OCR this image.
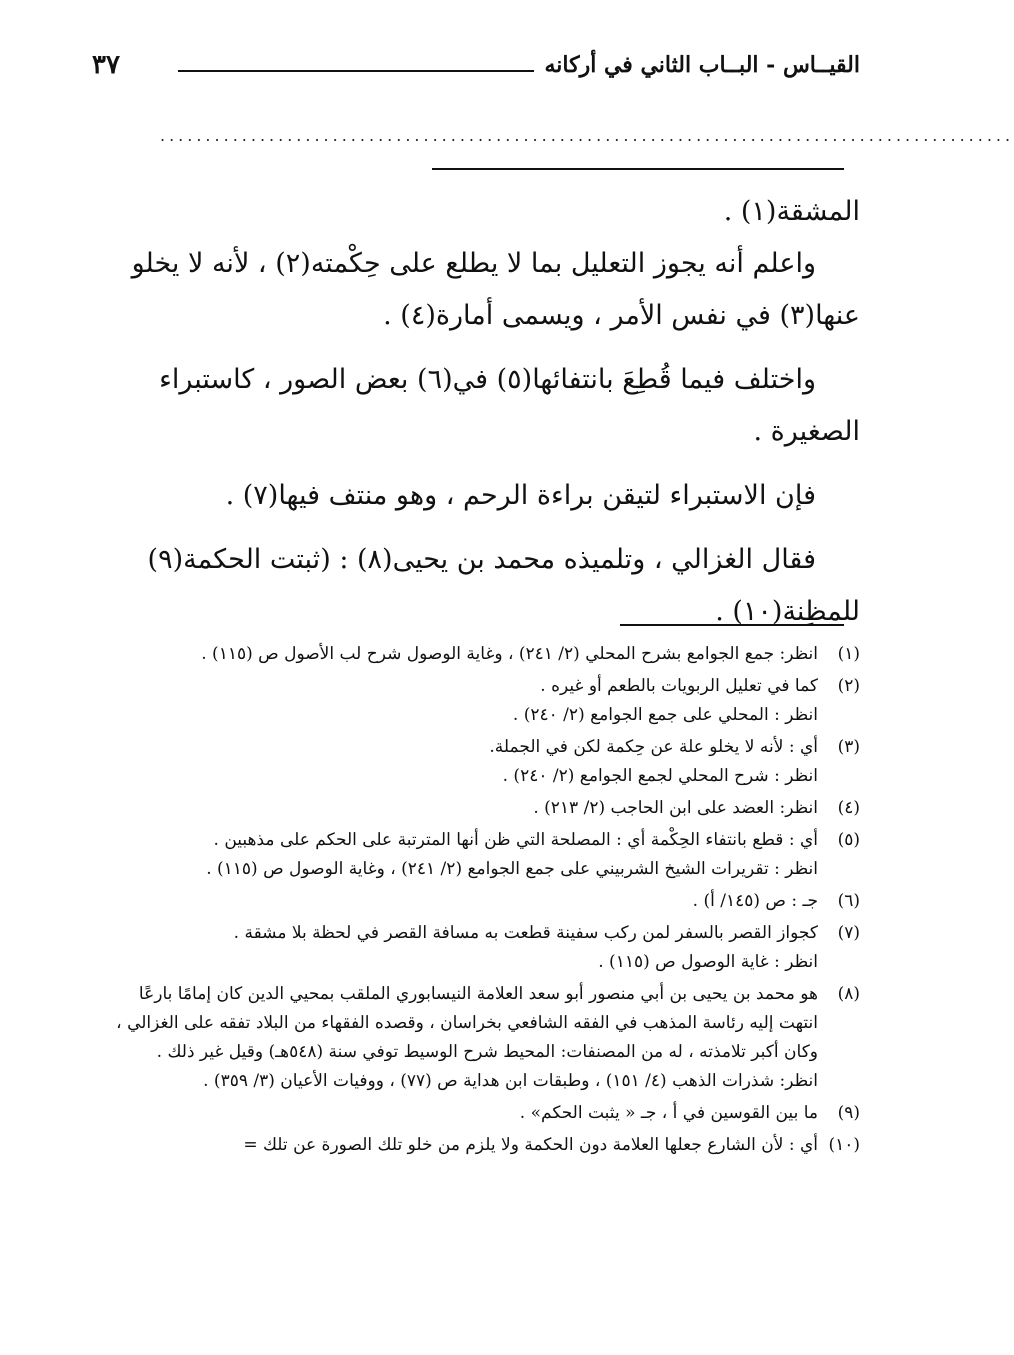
القيــاس - البــاب الثاني في أركانه
٣٧
..............................................................................................

المشقة(١) .

واعلم أنه يجوز التعليل بما لا يطلع على حِكْمته(٢) ، لأنه لا يخلو

عنها(٣) في نفس الأمر ، ويسمى أمارة(٤) .

واختلف فيما قُطِعَ بانتفائها(٥) في(٦) بعض الصور ، كاستبراء

الصغيرة .

فإن الاستبراء لتيقن براءة الرحم ، وهو منتف فيها(٧) .

فقال الغزالي ، وتلميذه محمد بن يحيى(٨) : (ثبتت الحكمة(٩)

للمظِنة(١٠) .

(١)
انظر: جمع الجوامع بشرح المحلي (٢/ ٢٤١) ، وغاية الوصول شرح لب الأصول ص (١١٥) .
(٢)
كما في تعليل الربويات بالطعم أو غيره .
انظر : المحلي على جمع الجوامع (٢/ ٢٤٠) .
(٣)
أي : لأنه لا يخلو علة عن حِكمة لكن في الجملة.
انظر : شرح المحلي لجمع الجوامع (٢/ ٢٤٠) .
(٤)
انظر: العضد على ابن الحاجب (٢/ ٢١٣) .
(٥)
أي : قطع بانتفاء الحِكْمة أي : المصلحة التي ظن أنها المترتبة على الحكم على مذهبين .
انظر : تقريرات الشيخ الشربيني على جمع الجوامع (٢/ ٢٤١) ، وغاية الوصول ص (١١٥) .
(٦)
جـ : ص (١٤٥/ أ) .
(٧)
كجواز القصر بالسفر لمن ركب سفينة قطعت به مسافة القصر في لحظة بلا مشقة .
انظر : غاية الوصول ص (١١٥) .
(٨)
هو محمد بن يحيى بن أبي منصور أبو سعد العلامة النيسابوري الملقب بمحيي الدين كان إمامًا بارعًا
انتهت إليه رئاسة المذهب في الفقه الشافعي بخراسان ، وقصده الفقهاء من البلاد تفقه على الغزالي ،
وكان أكبر تلامذته ، له من المصنفات: المحيط شرح الوسيط توفي سنة (٥٤٨هـ) وقيل غير ذلك .
انظر: شذرات الذهب (٤/ ١٥١) ، وطبقات ابن هداية ص (٧٧) ، ووفيات الأعيان (٣/ ٣٥٩) .
(٩)
ما بين القوسين في أ ، جـ « يثبت الحكم» .
(١٠)
أي : لأن الشارع جعلها العلامة دون الحكمة ولا يلزم من خلو تلك الصورة عن تلك =
